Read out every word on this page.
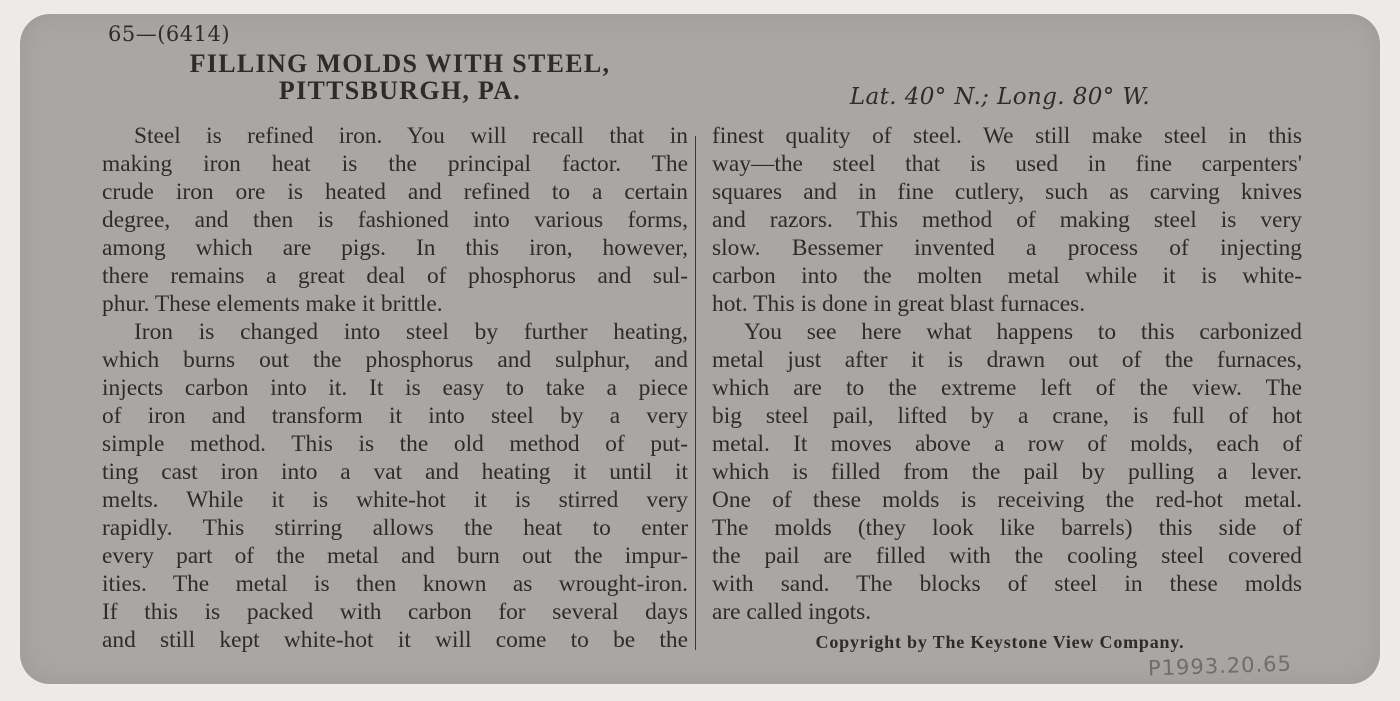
65—(6414)
FILLING MOLDS WITH STEEL,
PITTSBURGH, PA.	Lat. 40° N.; Long. 80° W.
Steel is refined iron. You will recall that in
making iron heat is the principal factor. The
crude iron ore is heated and refined to a certain
degree, and then is fashioned into various forms,
among which are pigs. In this iron, however,
there remains a great deal of phosphorus and sul-
phur. These elements make it brittle.
Iron is changed into steel by further heating,
which burns out the phosphorus and sulphur, and
injects carbon into it. It is easy to take a piece
of iron and transform it into steel by a very
simple method. This is the old method of put-
ting cast iron into a vat and heating it until it
melts. While it is white-hot it is stirred very
rapidly. This stirring allows the heat to enter
every part of the metal and burn out the impur-
ities. The metal is then known as wrought-iron.
If this is packed with carbon for several days
and still kept white-hot it will come to be the
finest quality of steel. We still make steel in this
way—the steel that is used in fine carpenters'
squares and in fine cutlery, such as carving knives
and razors. This method of making steel is very
slow. Bessemer invented a process of injecting
carbon into the molten metal while it is white-
hot. This is done in great blast furnaces.
You see here what happens to this carbonized
metal just after it is drawn out of the furnaces,
which are to the extreme left of the view. The
big steel pail, lifted by a crane, is full of hot
metal. It moves above a row of molds, each of
which is filled from the pail by pulling a lever.
One of these molds is receiving the red-hot metal.
The molds (they look like barrels) this side of
the pail are filled with the cooling steel covered
with sand. The blocks of steel in these molds
are called ingots.
Copyright by The Keystone View Company.
P1993.20.65
